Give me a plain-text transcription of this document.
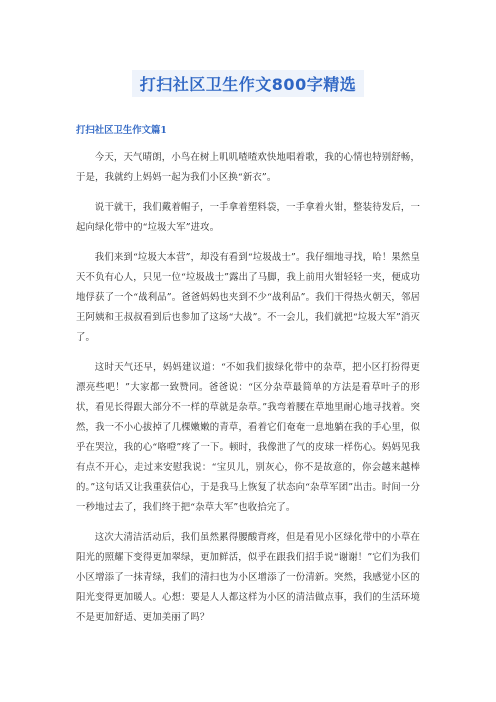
打扫社区卫生作文800字精选
打扫社区卫生作文篇1

今天，天气晴朗，小鸟在树上叽叽喳喳欢快地唱着歌，我的心情也特别舒畅，于是，我就约上妈妈一起为我们小区换“新衣”。

说干就干，我们戴着帽子，一手拿着塑料袋，一手拿着火钳，整装待发后，一起向绿化带中的“垃圾大军”进攻。

我们来到“垃圾大本营”，却没有看到“垃圾战士”。我仔细地寻找，哈！果然皇天不负有心人，只见一位“垃圾战士”露出了马脚，我上前用火钳轻轻一夹，便成功地俘获了一个“战利品”。爸爸妈妈也夹到不少“战利品”。我们干得热火朝天，邻居王阿姨和王叔叔看到后也参加了这场“大战”。不一会儿，我们就把“垃圾大军”消灭了。

这时天气还早，妈妈建议道：“不如我们拔绿化带中的杂草，把小区打扮得更漂亮些吧！”大家都一致赞同。爸爸说：“区分杂草最简单的方法是看草叶子的形状，看见长得跟大部分不一样的草就是杂草。”我弯着腰在草地里耐心地寻找着。突然，我一不小心拔掉了几棵嫩嫩的青草，看着它们奄奄一息地躺在我的手心里，似乎在哭泣，我的心“咯噔”疼了一下。顿时，我像泄了气的皮球一样伤心。妈妈见我有点不开心，走过来安慰我说：“宝贝儿，别灰心，你不是故意的，你会越来越棒的。”这句话又让我重获信心，于是我马上恢复了状态向“杂草军团”出击。时间一分一秒地过去了，我们终于把“杂草大军”也收拾完了。

这次大清洁活动后，我们虽然累得腰酸背疼，但是看见小区绿化带中的小草在阳光的照耀下变得更加翠绿，更加鲜活，似乎在跟我们招手说“谢谢！”它们为我们小区增添了一抹青绿，我们的清扫也为小区增添了一份清新。突然，我感觉小区的阳光变得更加暖人。心想：要是人人都这样为小区的清洁做点事，我们的生活环境不是更加舒适、更加美丽了吗？
